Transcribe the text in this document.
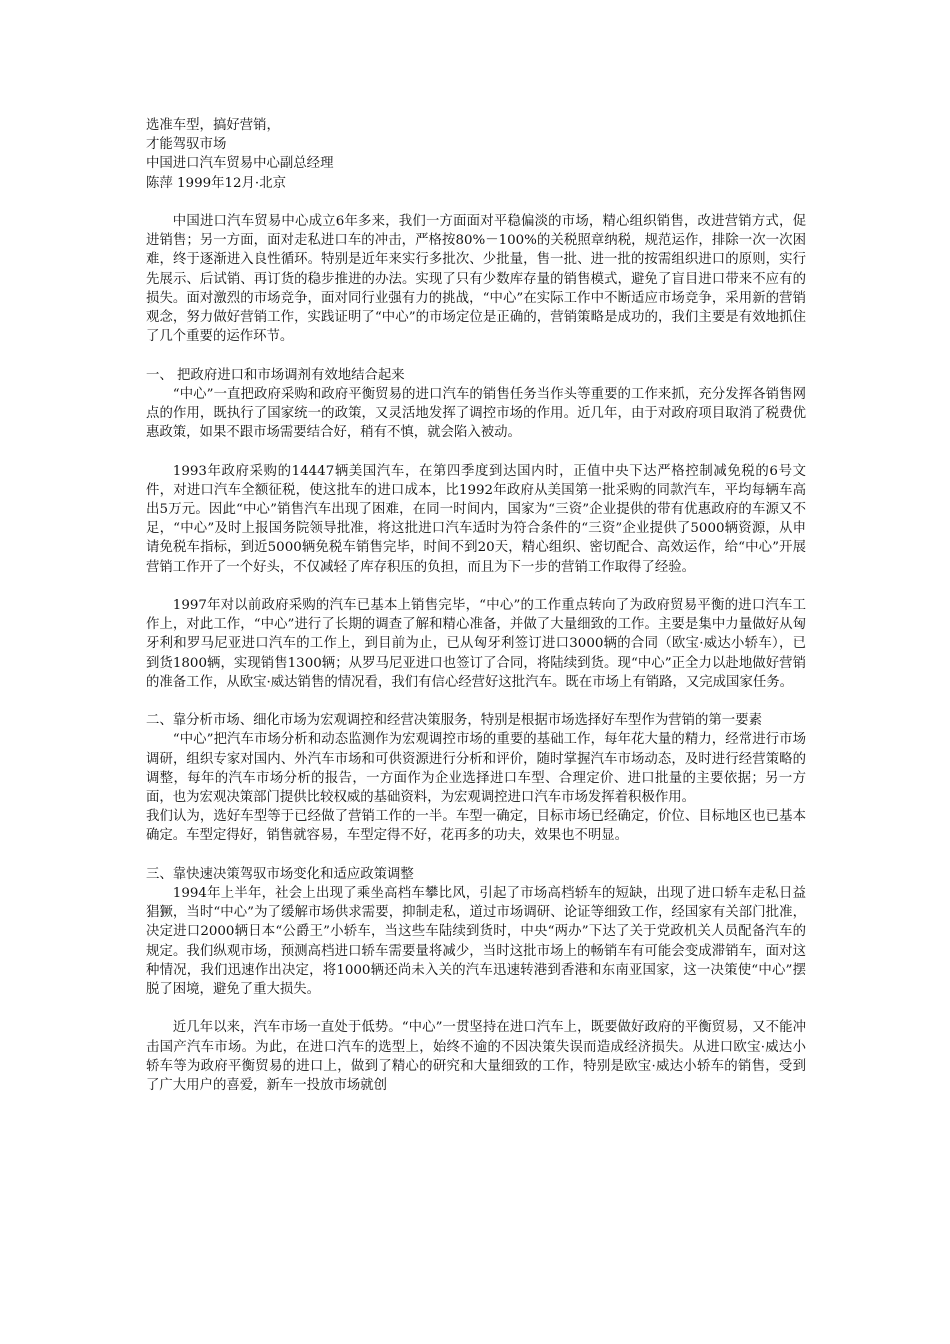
选准车型，搞好营销，
才能驾驭市场
中国进口汽车贸易中心副总经理
陈萍 1999年12月·北京

中国进口汽车贸易中心成立6年多来，我们一方面面对平稳偏淡的市场，精心组织销售，改进营销方式，促进销售；另一方面，面对走私进口车的冲击，严格按80%－100%的关税照章纳税，规范运作，排除一次一次困难，终于逐渐进入良性循环。特别是近年来实行多批次、少批量，售一批、进一批的按需组织进口的原则，实行先展示、后试销、再订货的稳步推进的办法。实现了只有少数库存量的销售模式，避免了盲目进口带来不应有的损失。面对激烈的市场竞争，面对同行业强有力的挑战，“中心”在实际工作中不断适应市场竞争，采用新的营销观念，努力做好营销工作，实践证明了“中心”的市场定位是正确的，营销策略是成功的，我们主要是有效地抓住了几个重要的运作环节。

一、 把政府进口和市场调剂有效地结合起来

“中心”一直把政府采购和政府平衡贸易的进口汽车的销售任务当作头等重要的工作来抓，充分发挥各销售网点的作用，既执行了国家统一的政策，又灵活地发挥了调控市场的作用。近几年，由于对政府项目取消了税费优惠政策，如果不跟市场需要结合好，稍有不慎，就会陷入被动。

1993年政府采购的14447辆美国汽车，在第四季度到达国内时，正值中央下达严格控制减免税的6号文件，对进口汽车全额征税，使这批车的进口成本，比1992年政府从美国第一批采购的同款汽车，平均每辆车高出5万元。因此“中心”销售汽车出现了困难，在同一时间内，国家为“三资”企业提供的带有优惠政府的车源又不足，“中心”及时上报国务院领导批准，将这批进口汽车适时为符合条件的“三资”企业提供了5000辆资源，从申请免税车指标，到近5000辆免税车销售完毕，时间不到20天，精心组织、密切配合、高效运作，给“中心”开展营销工作开了一个好头，不仅减轻了库存积压的负担，而且为下一步的营销工作取得了经验。

1997年对以前政府采购的汽车已基本上销售完毕，“中心”的工作重点转向了为政府贸易平衡的进口汽车工作上，对此工作，“中心”进行了长期的调查了解和精心准备，并做了大量细致的工作。主要是集中力量做好从匈牙利和罗马尼亚进口汽车的工作上，到目前为止，已从匈牙利签订进口3000辆的合同（欧宝·威达小轿车），已到货1800辆，实现销售1300辆；从罗马尼亚进口也签订了合同，将陆续到货。现“中心”正全力以赴地做好营销的准备工作，从欧宝·威达销售的情况看，我们有信心经营好这批汽车。既在市场上有销路，又完成国家任务。

二、靠分析市场、细化市场为宏观调控和经营决策服务，特别是根据市场选择好车型作为营销的第一要素

“中心”把汽车市场分析和动态监测作为宏观调控市场的重要的基础工作，每年花大量的精力，经常进行市场调研，组织专家对国内、外汽车市场和可供资源进行分析和评价，随时掌握汽车市场动态，及时进行经营策略的调整，每年的汽车市场分析的报告，一方面作为企业选择进口车型、合理定价、进口批量的主要依据；另一方面，也为宏观决策部门提供比较权威的基础资料，为宏观调控进口汽车市场发挥着积极作用。

我们认为，选好车型等于已经做了营销工作的一半。车型一确定，目标市场已经确定，价位、目标地区也已基本确定。车型定得好，销售就容易，车型定得不好，花再多的功夫，效果也不明显。

三、靠快速决策驾驭市场变化和适应政策调整

1994年上半年，社会上出现了乘坐高档车攀比风，引起了市场高档轿车的短缺，出现了进口轿车走私日益猖獗，当时“中心”为了缓解市场供求需要，抑制走私，道过市场调研、论证等细致工作，经国家有关部门批准，决定进口2000辆日本“公爵王”小轿车，当这些车陆续到货时，中央“两办”下达了关于党政机关人员配备汽车的规定。我们纵观市场，预测高档进口轿车需要量将减少，当时这批市场上的畅销车有可能会变成滞销车，面对这种情况，我们迅速作出决定，将1000辆还尚未入关的汽车迅速转港到香港和东南亚国家，这一决策使“中心”摆脱了困境，避免了重大损失。

近几年以来，汽车市场一直处于低势。“中心”一贯坚持在进口汽车上，既要做好政府的平衡贸易，又不能冲击国产汽车市场。为此，在进口汽车的选型上，始终不逾的不因决策失误而造成经济损失。从进口欧宝·威达小轿车等为政府平衡贸易的进口上，做到了精心的研究和大量细致的工作，特别是欧宝·威达小轿车的销售，受到了广大用户的喜爱，新车一投放市场就创
